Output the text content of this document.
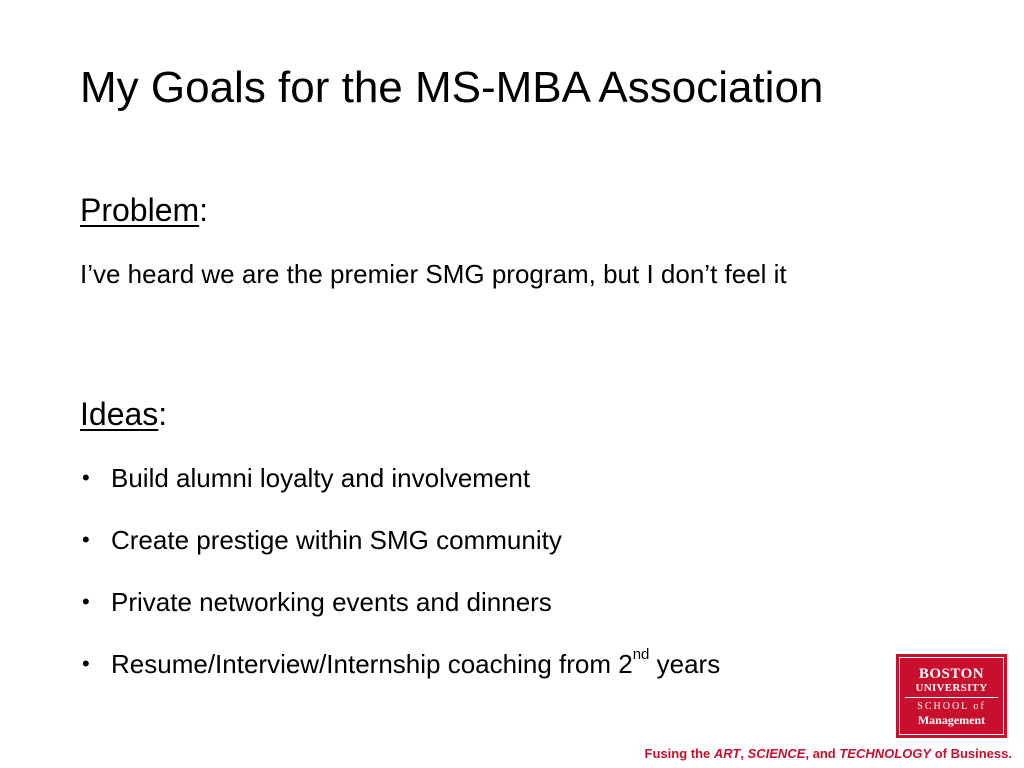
My Goals for the MS-MBA Association
Problem:
I’ve heard we are the premier SMG program, but I don’t feel it
Ideas:
• Build alumni loyalty and involvement
• Create prestige within SMG community
• Private networking events and dinners
• Resume/Interview/Internship coaching from 2nd years	BOSTON
UNIVERSITY
SCHOOL of
Management
Fusing the ART, SCIENCE, and TECHNOLOGY of Business.
